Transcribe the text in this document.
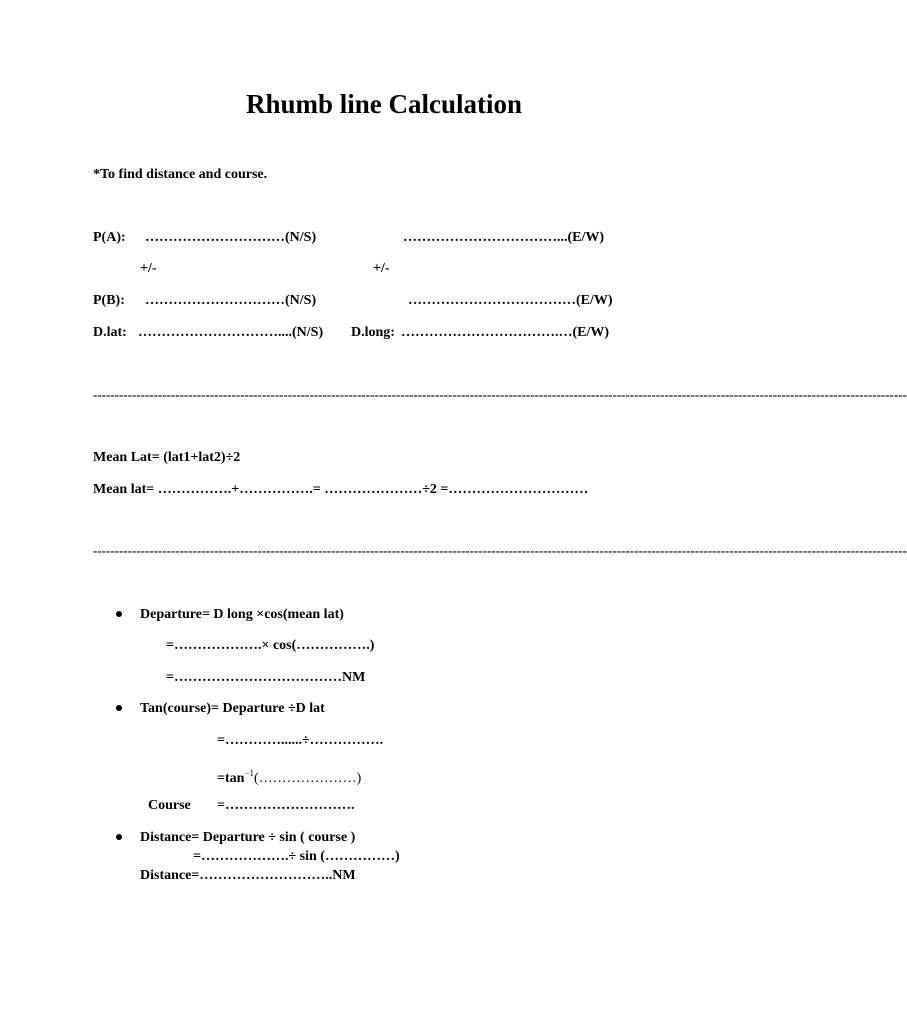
Rhumb line Calculation
*To find distance and course.
P(A): …………………………(N/S)	……………………………...(E/W)
+/-	+/-
P(B): …………………………(N/S)	………………………………(E/W)
D.lat: …………………………....(N/S) D.long: …………………………….…(E/W)
--------------------------------------------------------------------------------------------------------------------------------------------------------------------------------------------
Mean Lat= (lat1+lat2)÷2
Mean lat= …………….+…………….= …………………÷2 =…………………………
--------------------------------------------------------------------------------------------------------------------------------------------------------------------------------------------
Departure= D long ×cos(mean lat)
=……………….× cos(…………….)
=………………………………NM
Tan(course)= Departure ÷D lat
=…………......÷…………….
$=\tan^{-1}(\dots\dots\dots\dots\dots\dots\dots)$
Course =……………………….
Distance= Departure ÷ sin ( course )
=……………….÷ sin (……………)
Distance=………………………..NM
